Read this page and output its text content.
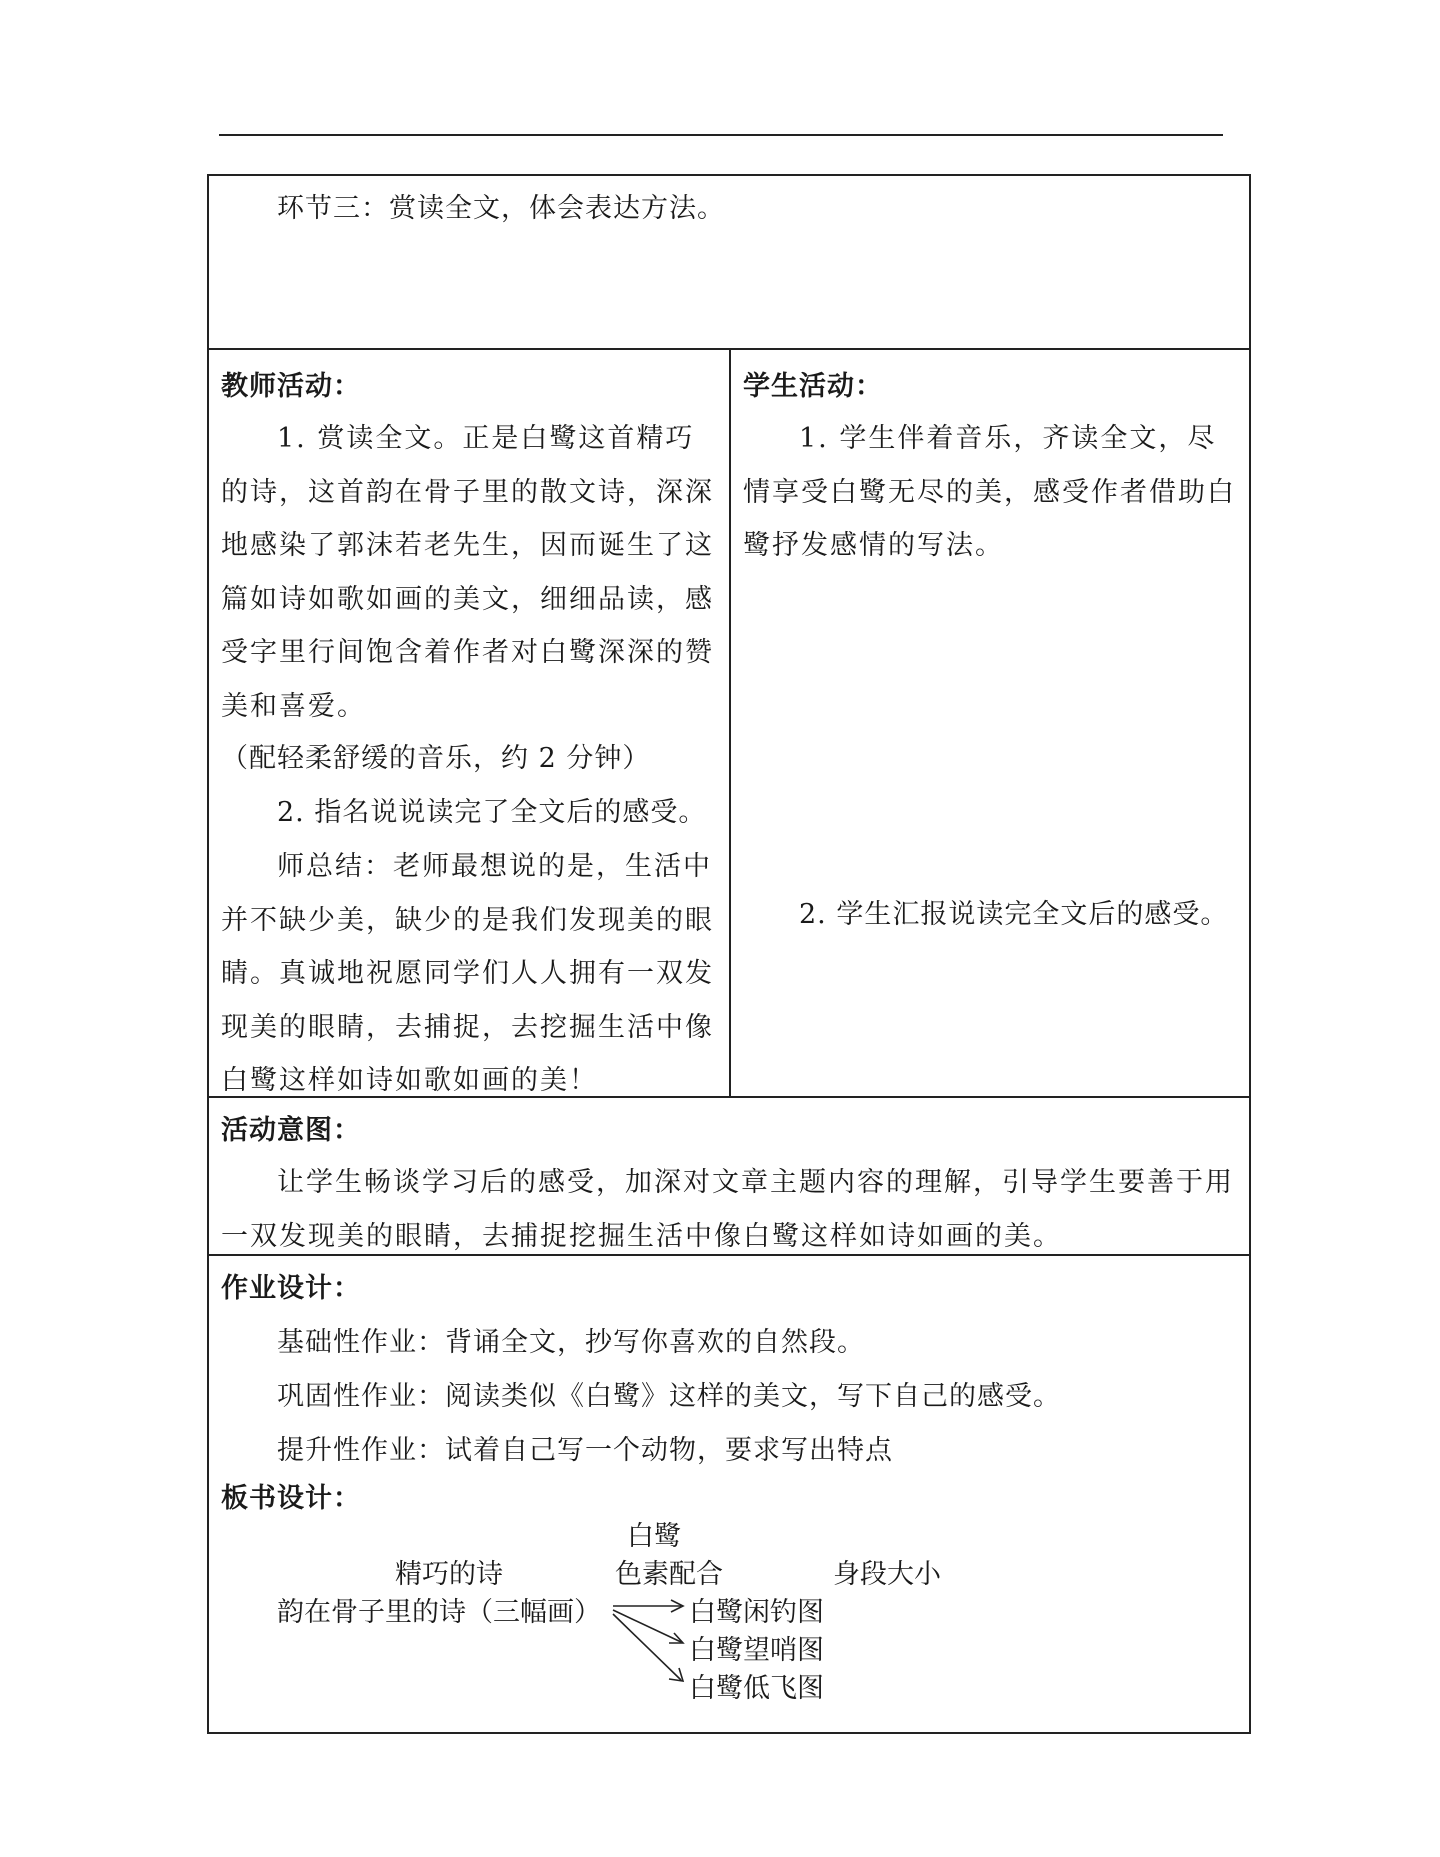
环节三：赏读全文，体会表达方法。
教师活动：
1. 赏读全文。正是白鹭这首精巧的诗，这首韵在骨子里的散文诗，深深地感染了郭沫若老先生，因而诞生了这篇如诗如歌如画的美文，细细品读，感受字里行间饱含着作者对白鹭深深的赞美和喜爱。
（配轻柔舒缓的音乐，约 2 分钟）
2. 指名说说读完了全文后的感受。
师总结：老师最想说的是，生活中并不缺少美，缺少的是我们发现美的眼睛。真诚地祝愿同学们人人拥有一双发现美的眼睛，去捕捉，去挖掘生活中像白鹭这样如诗如歌如画的美！
学生活动：
1. 学生伴着音乐，齐读全文，尽情享受白鹭无尽的美，感受作者借助白鹭抒发感情的写法。
2. 学生汇报说读完全文后的感受。
活动意图：
让学生畅谈学习后的感受，加深对文章主题内容的理解，引导学生要善于用一双发现美的眼睛，去捕捉挖掘生活中像白鹭这样如诗如画的美。
作业设计：
基础性作业：背诵全文，抄写你喜欢的自然段。
巩固性作业：阅读类似《白鹭》这样的美文，写下自己的感受。
提升性作业：试着自己写一个动物，要求写出特点
板书设计：
白鹭
精巧的诗	色素配合	身段大小
韵在骨子里的诗（三幅画）	白鹭闲钓图
白鹭望哨图
白鹭低飞图
